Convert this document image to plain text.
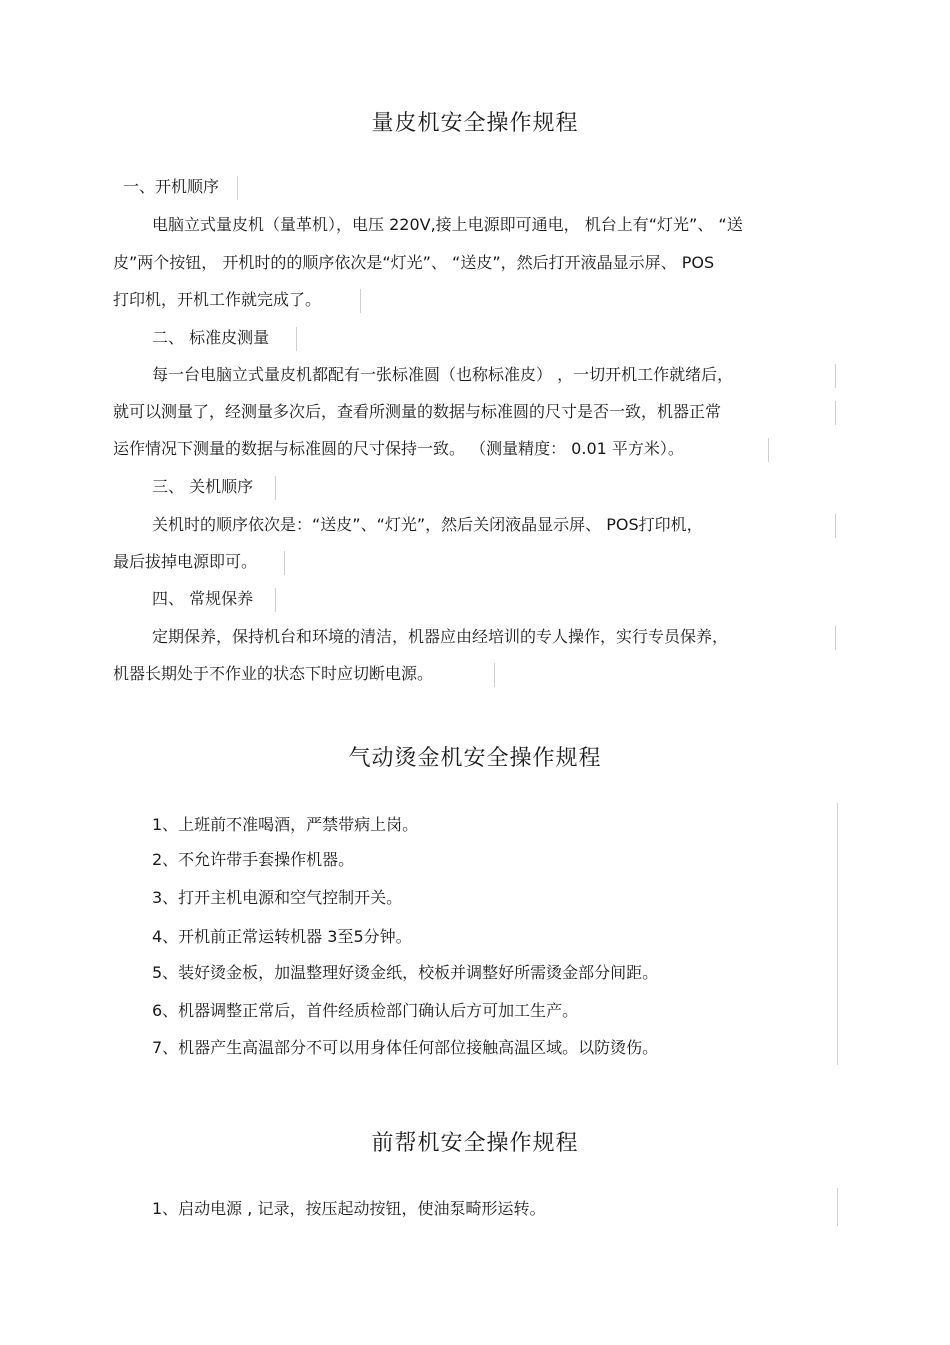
量皮机安全操作规程
一、开机顺序
电脑立式量皮机（量革机），电压 220V,接上电源即可通电， 机台上有“灯光”、 “送
皮”两个按钮， 开机时的的顺序依次是“灯光”、 “送皮”，然后打开液晶显示屏、 POS
打印机，开机工作就完成了。
二、 标准皮测量
每一台电脑立式量皮机都配有一张标准圆（也称标准皮） ，一切开机工作就绪后，
就可以测量了，经测量多次后，查看所测量的数据与标准圆的尺寸是否一致，机器正常
运作情况下测量的数据与标准圆的尺寸保持一致。 （测量精度： 0.01 平方米）。
三、 关机顺序
关机时的顺序依次是：“送皮”、“灯光”，然后关闭液晶显示屏、 POS打印机，
最后拔掉电源即可。
四、 常规保养
定期保养，保持机台和环境的清洁，机器应由经培训的专人操作，实行专员保养，
机器长期处于不作业的状态下时应切断电源。
气动烫金机安全操作规程
1、上班前不准喝酒，严禁带病上岗。
2、不允许带手套操作机器。
3、打开主机电源和空气控制开关。
4、开机前正常运转机器 3至5分钟。
5、装好烫金板，加温整理好烫金纸，校板并调整好所需烫金部分间距。
6、机器调整正常后，首件经质检部门确认后方可加工生产。
7、机器产生高温部分不可以用身体任何部位接触高温区域。以防烫伤。
前帮机安全操作规程
1、启动电源 , 记录，按压起动按钮，使油泵畸形运转。
